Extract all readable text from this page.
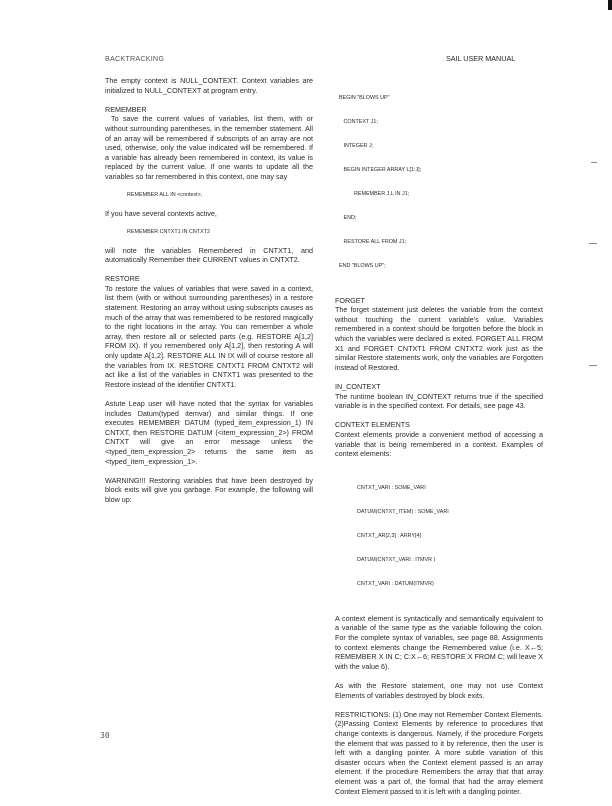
BACKTRACKING	SAIL USER MANUAL

The empty context is NULL_CONTEXT. Context variables are initialized to NULL_CONTEXT at program entry.

REMEMBER

To save the current values of variables, list them, with or without surrounding parentheses, in the remember statement. All of an array will be remembered if subscripts of an array are not used, otherwise, only the value indicated will be remembered. If a variable has already been remembered in context, its value is replaced by the current value. If one wants to update all the variables so far remembered in this context, one may say

REMEMBER ALL IN <context>,

If you have several contexts active,

REMEMBER CNTXT1 IN CNTXT2

will note the variables Remembered in CNTXT1, and automatically Remember their CURRENT values in CNTXT2.

RESTORE

To restore the values of variables that were saved in a context, list them (with or without surrounding parentheses) in a restore statement. Restoring an array without using subscripts causes as much of the array that was remembered to be restored magically to the right locations in the array. You can remember a whole array, then restore all or selected parts (e.g. RESTORE A[1,2] FROM IX). If you remembered only A[1,2], then restoring A will only update A[1,2]. RESTORE ALL IN IX will of course restore all the variables from IX. RESTORE CNTXT1 FROM CNTXT2 will act like a list of the variables in CNTXT1 was presented to the Restore instead of the identifier CNTXT1.

Astute Leap user will have noted that the syntax for variables includes Datum(typed itemvar) and similar things. If one executes REMEMBER DATUM (typed_item_expression_1) IN CNTXT, then RESTORE DATUM (<item_expression_2>) FROM CNTXT will give an error message unless the <typed_item_expression_2> returns the same item as <typed_item_expression_1>.

WARNING!!! Restoring variables that have been destroyed by block exits will give you garbage. For example, the following will blow up:

BEGIN "BLOWS UP"

CONTEXT J1;

INTEGER J;

BEGIN INTEGER ARRAY L[1:J];

REMEMBER J,L IN J1;

END;

RESTORE ALL FROM J1;

END "BLOWS UP";

FORGET

The forget statement just deletes the variable from the context without touching the current variable's value. Variables remembered in a context should be forgotten before the block in which the variables were declared is exited. FORGET ALL FROM X1 and FORGET CNTXT1 FROM CNTXT2 work just as the similar Restore statements work, only the variables are Forgotten instead of Restored.

IN_CONTEXT

The runtime boolean IN_CONTEXT returns true if the specified variable is in the specified context. For details, see page 43.

CONTEXT ELEMENTS

Context elements provide a convenient method of accessing a variable that is being remembered in a context. Examples of context elements:

CNTXT_VARI : SOME_VARI

DATUM(CNTXT_ITEM) : SOME_VARI

CNTXT_AR[2,3] : ARRY[4]

DATUM(CNTXT_VARI : ITMVR )

CNTXT_VARI : DATUM(ITMVR)

A context element is syntactically and semantically equivalent to a variable of the same type as the variable following the colon. For the complete syntax of variables, see page 88. Assignments to context elements change the Remembered value (i.e. X←5; REMEMBER X IN C; C:X←6; RESTORE X FROM C; will leave X with the value 6).

As with the Restore statement, one may not use Context Elements of variables destroyed by block exits.

RESTRICTIONS: (1) One may not Remember Context Elements. (2)Passing Context Elements by reference to procedures that change contexts is dangerous. Namely, if the procedure Forgets the element that was passed to it by reference, then the user is left with a dangling pointer. A more subtle variation of this disaster occurs when the Context element passed is an array element. If the procedure Remembers the array that that array element was a part of, the formal that had the array element Context Element passed to it is left with a dangling pointer.

30
